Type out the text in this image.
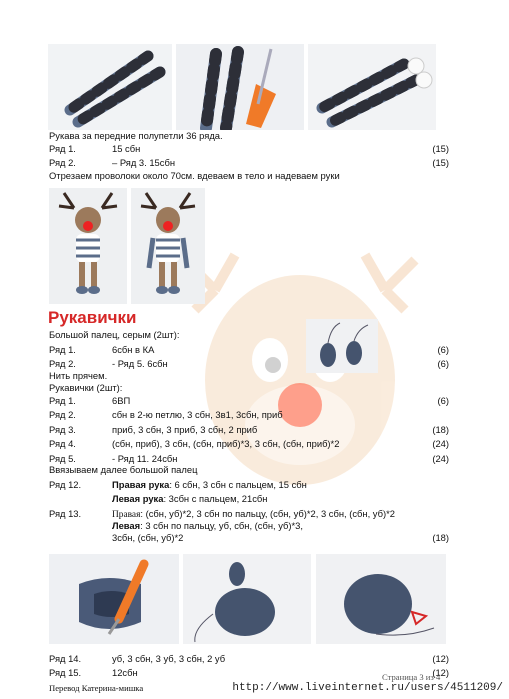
Рукава за передние полупетли 36 ряда.
Ряд 1.	15 сбн	(15)
Ряд 2.	– Ряд 3. 15сбн	(15)
Отрезаем проволоки около 70см. вдеваем в тело и надеваем руки
Рукавички
Большой палец, серым (2шт):
Ряд 1.	6сбн в КА	(6)
Ряд 2.	- Ряд 5. 6сбн	(6)
Нить прячем.
Рукавички (2шт):
Ряд 1.	6ВП	(6)
Ряд 2.	сбн в 2-ю петлю, 3 сбн, 3в1, 3сбн, приб
Ряд 3.	приб, 3 сбн, 3 приб, 3 сбн, 2 приб	(18)
Ряд 4.	(сбн, приб), 3 сбн, (сбн, приб)*3, 3 сбн, (сбн, приб)*2	(24)
Ряд 5.	- Ряд 11. 24сбн	(24)
Ввязываем далее большой палец
Ряд 12.	Правая рука: 6 сбн, 3 сбн с пальцем, 15 сбн
Левая рука: 3сбн с пальцем, 21сбн
Ряд 13.	Правая: (сбн, уб)*2, 3 сбн по пальцу, (сбн, уб)*2, 3 сбн, (сбн, уб)*2
Левая: 3 сбн по пальцу, уб, сбн, (сбн, уб)*3,
3сбн, (сбн, уб)*2	(18)
Ряд 14.	уб, 3 сбн, 3 уб, 3 сбн, 2 уб	(12)
Ряд 15.	12сбн	(12)
Перевод Катерина-мишка
Страница 3 из 4
http://www.liveinternet.ru/users/4511209/
